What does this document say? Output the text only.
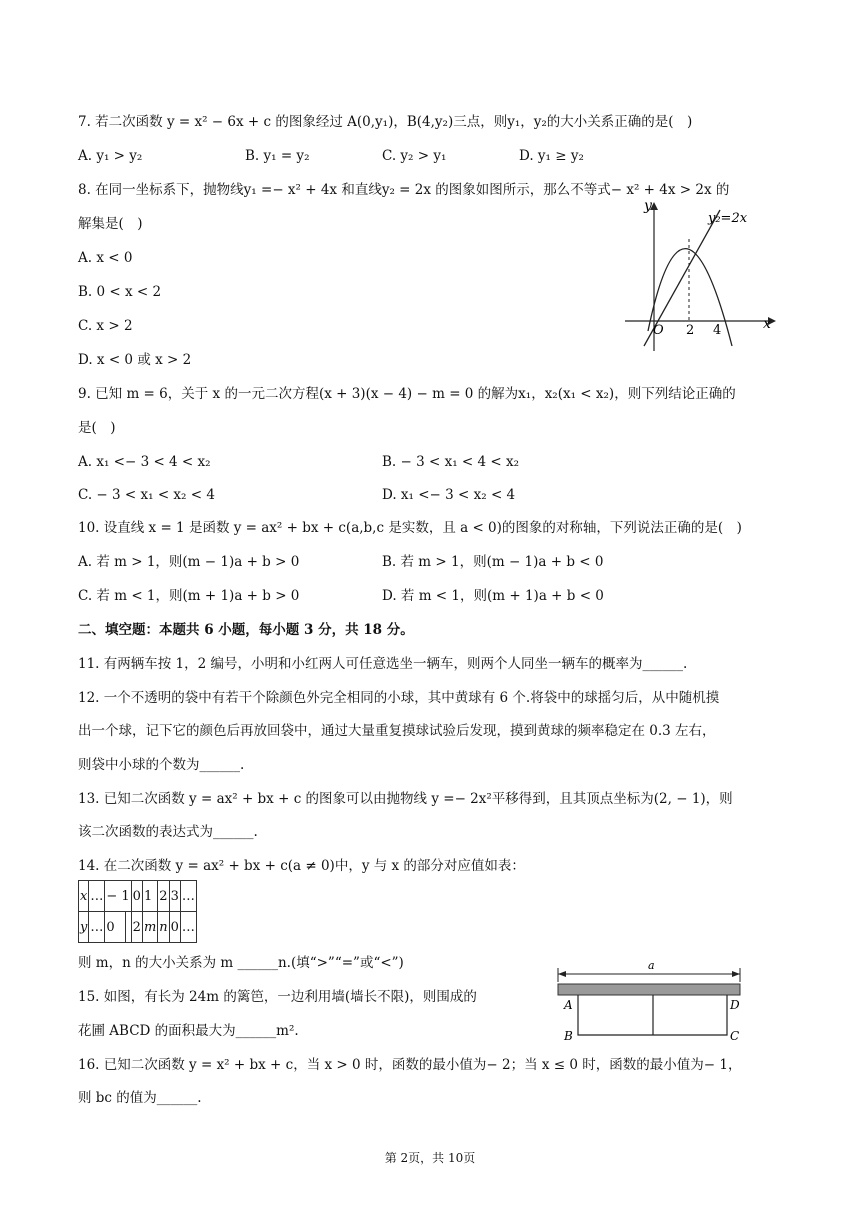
7. 若二次函数 y = x² − 6x + c 的图象经过 A(0,y₁)，B(4,y₂)三点，则y₁，y₂的大小关系正确的是(　)
A. y₁ > y₂	B. y₁ = y₂	C. y₂ > y₁	D. y₁ ≥ y₂
8. 在同一坐标系下，抛物线y₁ =− x² + 4x 和直线y₂ = 2x 的图象如图所示，那么不等式− x² + 4x > 2x 的
解集是(　)
A. x < 0
B. 0 < x < 2
C. x > 2
D. x < 0 或 x > 2
y
x
O 2 4
y₂=2x
9. 已知 m = 6，关于 x 的一元二次方程(x + 3)(x − 4) − m = 0 的解为x₁，x₂(x₁ < x₂)，则下列结论正确的
是(　)
A. x₁ <− 3 < 4 < x₂	B. − 3 < x₁ < 4 < x₂
C. − 3 < x₁ < x₂ < 4	D. x₁ <− 3 < x₂ < 4
10. 设直线 x = 1 是函数 y = ax² + bx + c(a,b,c 是实数，且 a < 0)的图象的对称轴，下列说法正确的是(　)
A. 若 m > 1，则(m − 1)a + b > 0	B. 若 m > 1，则(m − 1)a + b < 0
C. 若 m < 1，则(m + 1)a + b > 0	D. 若 m < 1，则(m + 1)a + b < 0
二、填空题：本题共 6 小题，每小题 3 分，共 18 分。
11. 有两辆车按 1，2 编号，小明和小红两人可任意选坐一辆车，则两个人同坐一辆车的概率为______.
12. 一个不透明的袋中有若干个除颜色外完全相同的小球，其中黄球有 6 个.将袋中的球摇匀后，从中随机摸
出一个球，记下它的颜色后再放回袋中，通过大量重复摸球试验后发现，摸到黄球的频率稳定在 0.3 左右，
则袋中小球的个数为______.
13. 已知二次函数 y = ax² + bx + c 的图象可以由抛物线 y =− 2x²平移得到，且其顶点坐标为(2, − 1)，则
该二次函数的表达式为______.
14. 在二次函数 y = ax² + bx + c(a ≠ 0)中，y 与 x 的部分对应值如表：
x	…	− 1		0	1	2	3	…
y	…	0		2	m	n	0	…
则 m，n 的大小关系为 m ______n.(填“>”“=”或“<”)
15. 如图，有长为 24m 的篱笆，一边利用墙(墙长不限)，则围成的
花圃 ABCD 的面积最大为______m².
a
A
B	C
D
16. 已知二次函数 y = x² + bx + c，当 x > 0 时，函数的最小值为− 2；当 x ≤ 0 时，函数的最小值为− 1，
则 bc 的值为______.
第 2页，共 10页
